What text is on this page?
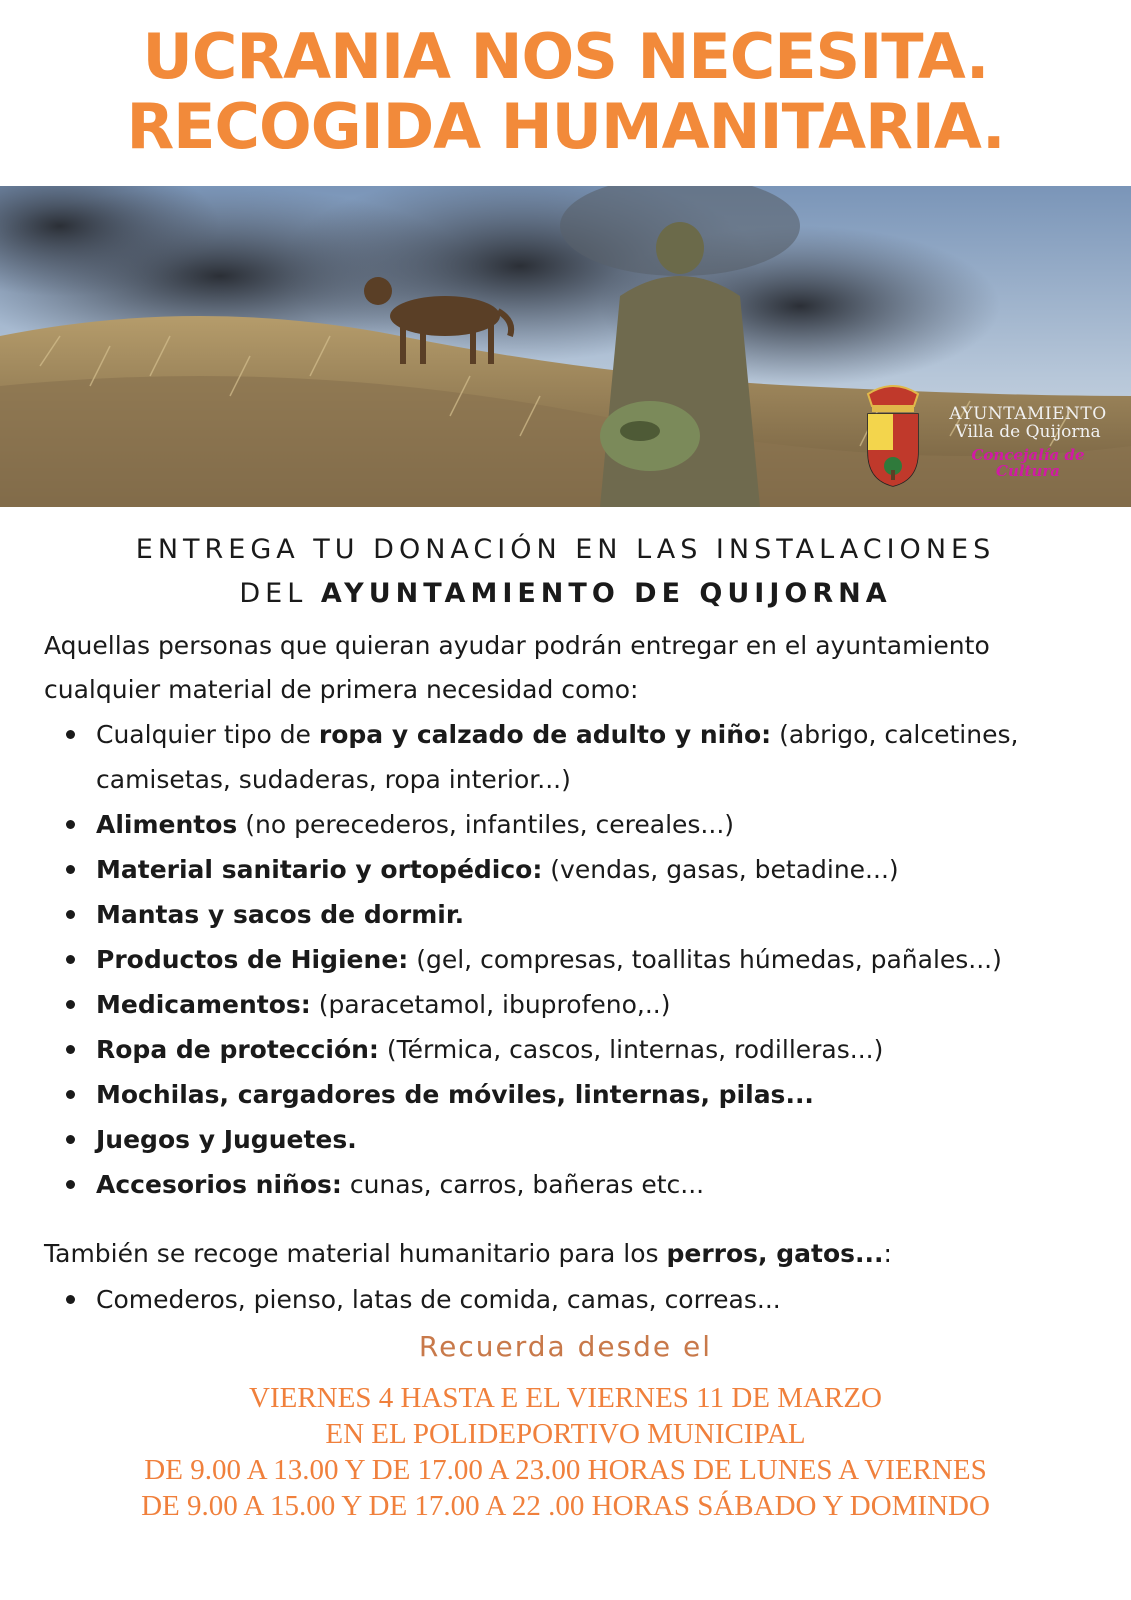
UCRANIA NOS NECESITA.
RECOGIDA HUMANITARIA.
AYUNTAMIENTO
Villa de Quijorna
Concejalía de
Cultura
ENTREGA TU DONACIÓN EN LAS INSTALACIONES
DEL AYUNTAMIENTO DE QUIJORNA
Aquellas personas que quieran ayudar podrán entregar en el ayuntamiento cualquier material de primera necesidad como:
Cualquier tipo de ropa y calzado de adulto y niño: (abrigo, calcetines, camisetas, sudaderas, ropa interior...)
Alimentos (no perecederos, infantiles, cereales...)
Material sanitario y ortopédico: (vendas, gasas, betadine...)
Mantas y sacos de dormir.
Productos de Higiene: (gel, compresas, toallitas húmedas, pañales...)
Medicamentos: (paracetamol, ibuprofeno,..)
Ropa de protección: (Térmica, cascos, linternas, rodilleras...)
Mochilas, cargadores de móviles, linternas, pilas...
Juegos y Juguetes.
Accesorios niños: cunas, carros, bañeras etc...
También se recoge material humanitario para los perros, gatos...:
Comederos, pienso, latas de comida, camas, correas...
Recuerda desde el
VIERNES 4 HASTA E EL VIERNES 11 DE MARZO
EN EL POLIDEPORTIVO MUNICIPAL
DE 9.00 A 13.00 Y DE 17.00 A 23.00 HORAS DE LUNES A VIERNES
DE 9.00 A 15.00 Y DE 17.00 A 22 .00 HORAS SÁBADO Y DOMINDO
